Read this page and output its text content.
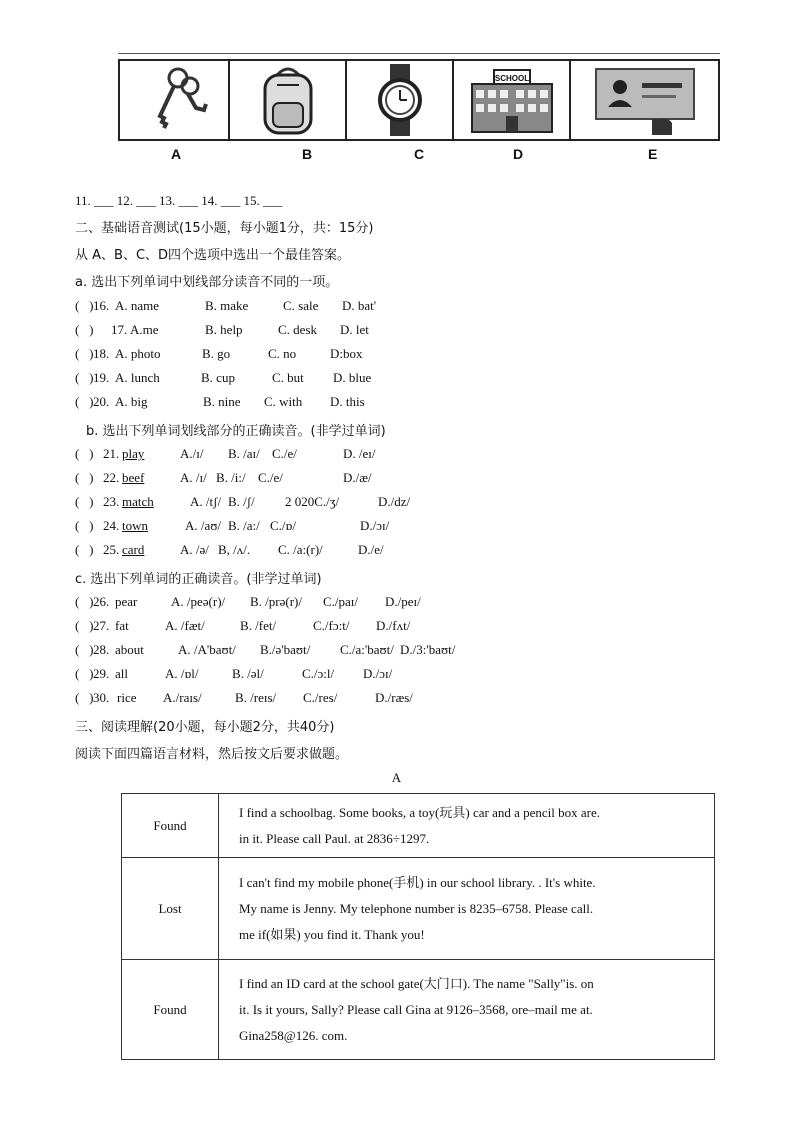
SCHOOL
A	B	C	D	E
11. ___ 12. ___ 13. ___ 14. ___ 15. ___
二、基础语音测试(15小题，每小题1分，共：15分)
从 A、B、C、D四个选项中选出一个最佳答案。
a. 选出下列单词中划线部分读音不同的一项。
(   ) 16. A. name	B. make	C. sale D. bat'
(   ) 17. A.me	B. help	C. desk D. let
(   ) 18. A. photo	B. go	C. no	D:box
(   ) 19. A. lunch	B. cup	C. but D. blue
(   ) 20. A. big	B. nine C. with D. this
b. 选出下列单词划线部分的正确读音。(非学过单词)
(   ) 21. play	A./ɪ/ B. /aɪ/ C./e/	D. /eɪ/
(   ) 22. beef	A. /ɪ/ B. /i:/ C./e/	D./æ/
(   ) 23. match	A. /tʃ/ B. /ʃ/ 2 020C./ʒ/	D./dz/
(   ) 24. town	A. /aʊ/ B. /a:/ C./ɒ/	D./ɔɪ/
(   ) 25. card	A. /ə/ B, /ʌ/. C. /a:(r)/	D./e/
c. 选出下列单词的正确读音。(非学过单词)
(   ) 26. pear	A. /peə(r)/ B. /prə(r)/ C./paɪ/ D./peɪ/
(   ) 27. fat	A. /fæt/	B. /fet/	C./fɔ:t/ D./fʌt/
(   ) 28. about	A. /A'baʊt/ B./ə'baʊt/ C./a:'baʊt/ D./3:'baʊt/
(   ) 29. all	A. /ɒl/	B. /əl/	C./ɔ:l/ D./ɔɪ/
(   ) 30. rice A./raɪs/	B. /reɪs/ C./res/	D./ræs/
三、阅读理解(20小题，每小题2分，共40分)
阅读下面四篇语言材料，然后按文后要求做题。
A
Found	I find a schoolbag. Some books, a toy(玩具) car and a pencil box are.
in it. Please call Paul. at 2836÷1297.

Lost	I can't find my mobile phone(手机) in our school library. . It's white.
My name is Jenny. My telephone number is 8235–6758. Please call.
me if(如果) you find it. Thank you!

Found	I find an ID card at the school gate(大门口). The name "Sally"is. on
it. Is it yours, Sally? Please call Gina at 9126–3568, ore–mail me at.
Gina258@126. com.
